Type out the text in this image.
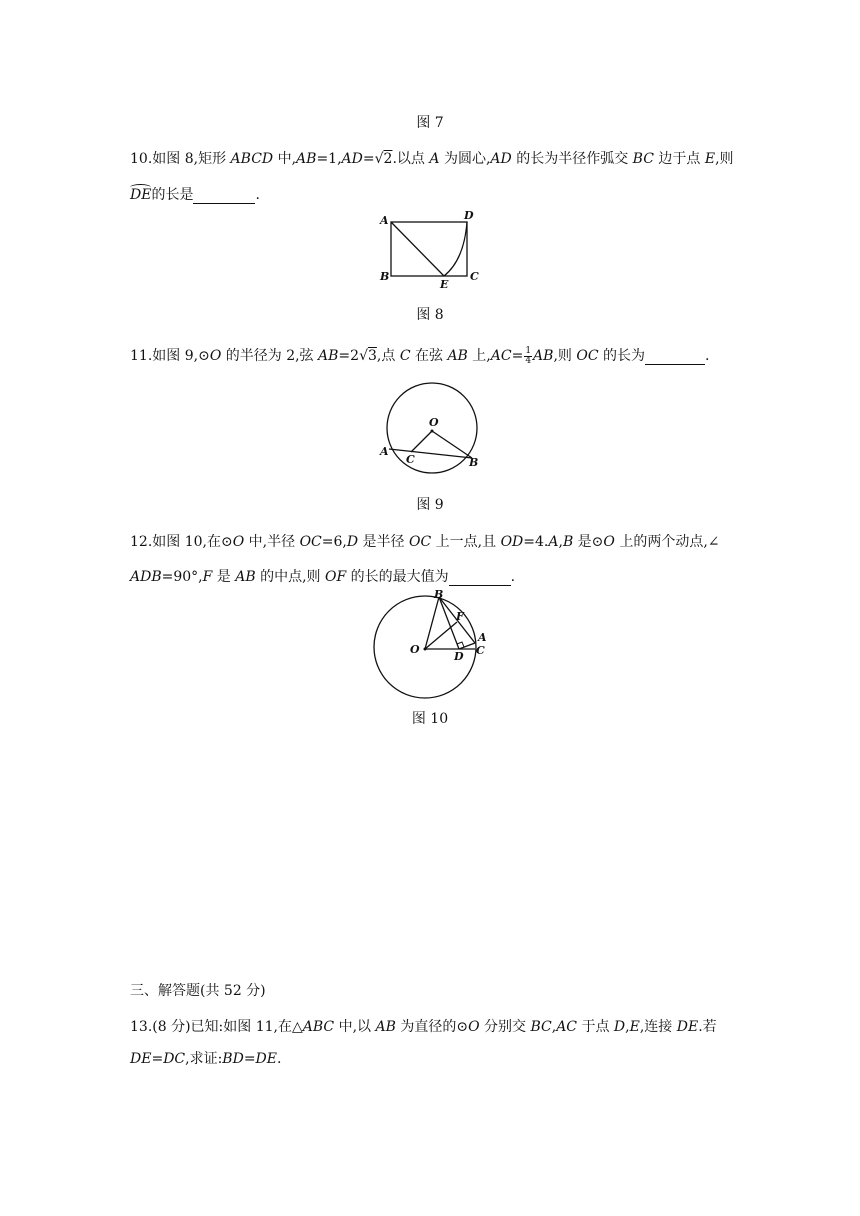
图 7
10.如图 8,矩形 ABCD 中,AB=1,AD=√2.以点 A 为圆心,AD 的长为半径作弧交 BC 边于点 E,则
DE的长是	.
A	D
B	C
E
图 8
11.如图 9,⊙O 的半径为 2,弦 AB=2√3,点 C 在弦 AB 上$,AC= \frac{1}{4}$ AB,则 OC 的长为	.
O
A
C	B
图 9
12.如图 10,在⊙O 中,半径 OC=6,D 是半径 OC 上一点,且 OD=4.A,B 是⊙O 上的两个动点,∠
ADB=90°,F 是 AB 的中点,则 OF 的长的最大值为	.
O
B
F
A
C
D
图 10
三、解答题(共 52 分)
13.(8 分)已知:如图 11,在△ABC 中,以 AB 为直径的⊙O 分别交 BC,AC 于点 D,E,连接 DE.若
DE=DC,求证:BD=DE.
